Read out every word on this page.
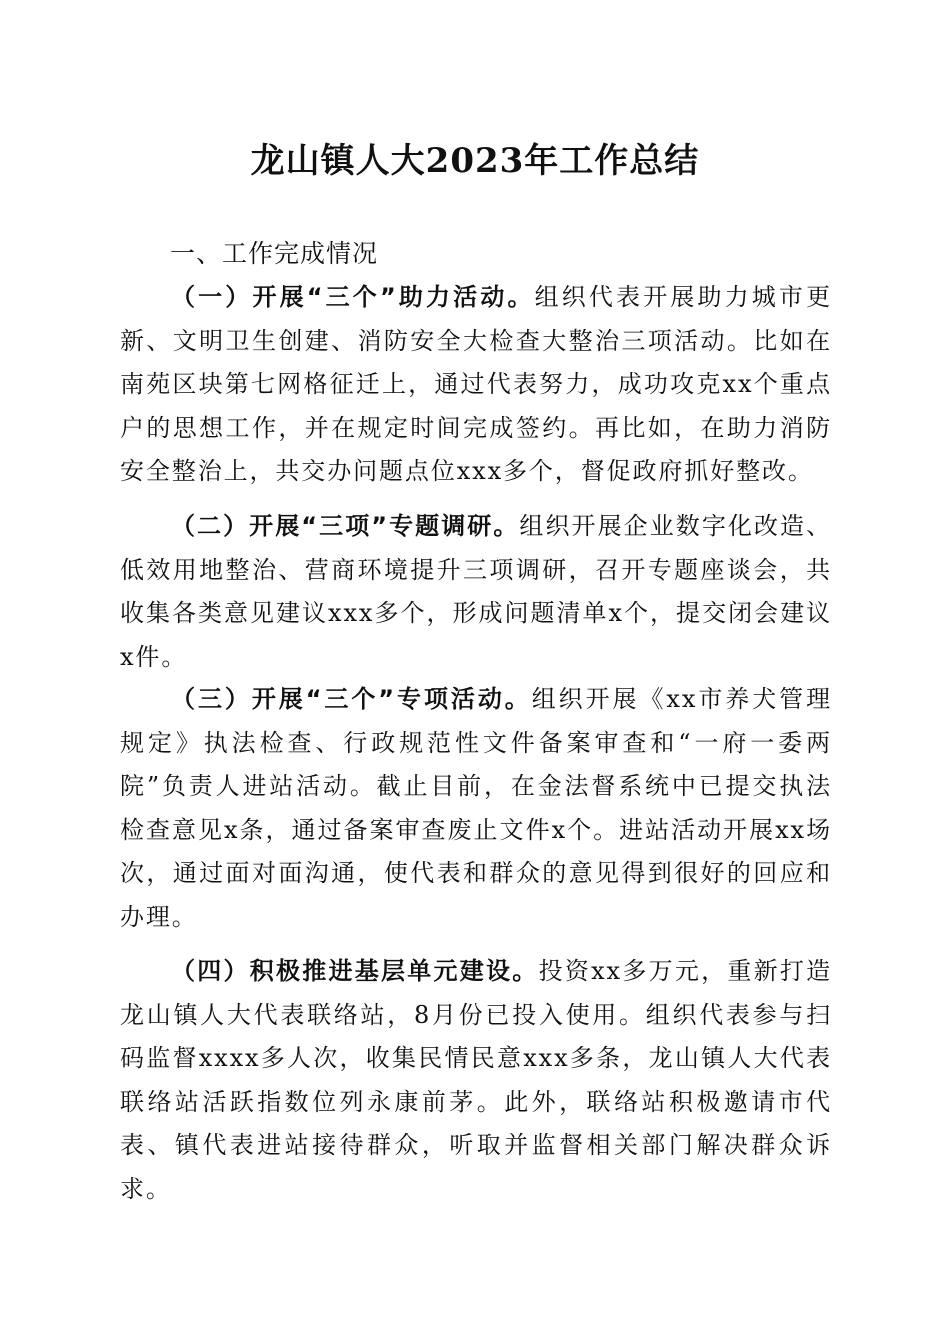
龙山镇人大2023年工作总结
一、工作完成情况

（一）开展“三个”助力活动。组织代表开展助力城市更新、文明卫生创建、消防安全大检查大整治三项活动。比如在南苑区块第七网格征迁上，通过代表努力，成功攻克xx个重点户的思想工作，并在规定时间完成签约。再比如，在助力消防安全整治上，共交办问题点位xxx多个，督促政府抓好整改。

（二）开展“三项”专题调研。组织开展企业数字化改造、低效用地整治、营商环境提升三项调研，召开专题座谈会，共收集各类意见建议xxx多个，形成问题清单x个，提交闭会建议x件。

（三）开展“三个”专项活动。组织开展《xx市养犬管理规定》执法检查、行政规范性文件备案审查和“一府一委两院”负责人进站活动。截止目前，在金法督系统中已提交执法检查意见x条，通过备案审查废止文件x个。进站活动开展xx场次，通过面对面沟通，使代表和群众的意见得到很好的回应和办理。

（四）积极推进基层单元建设。投资xx多万元，重新打造龙山镇人大代表联络站，8月份已投入使用。组织代表参与扫码监督xxxx多人次，收集民情民意xxx多条，龙山镇人大代表联络站活跃指数位列永康前茅。此外，联络站积极邀请市代表、镇代表进站接待群众，听取并监督相关部门解决群众诉求。
